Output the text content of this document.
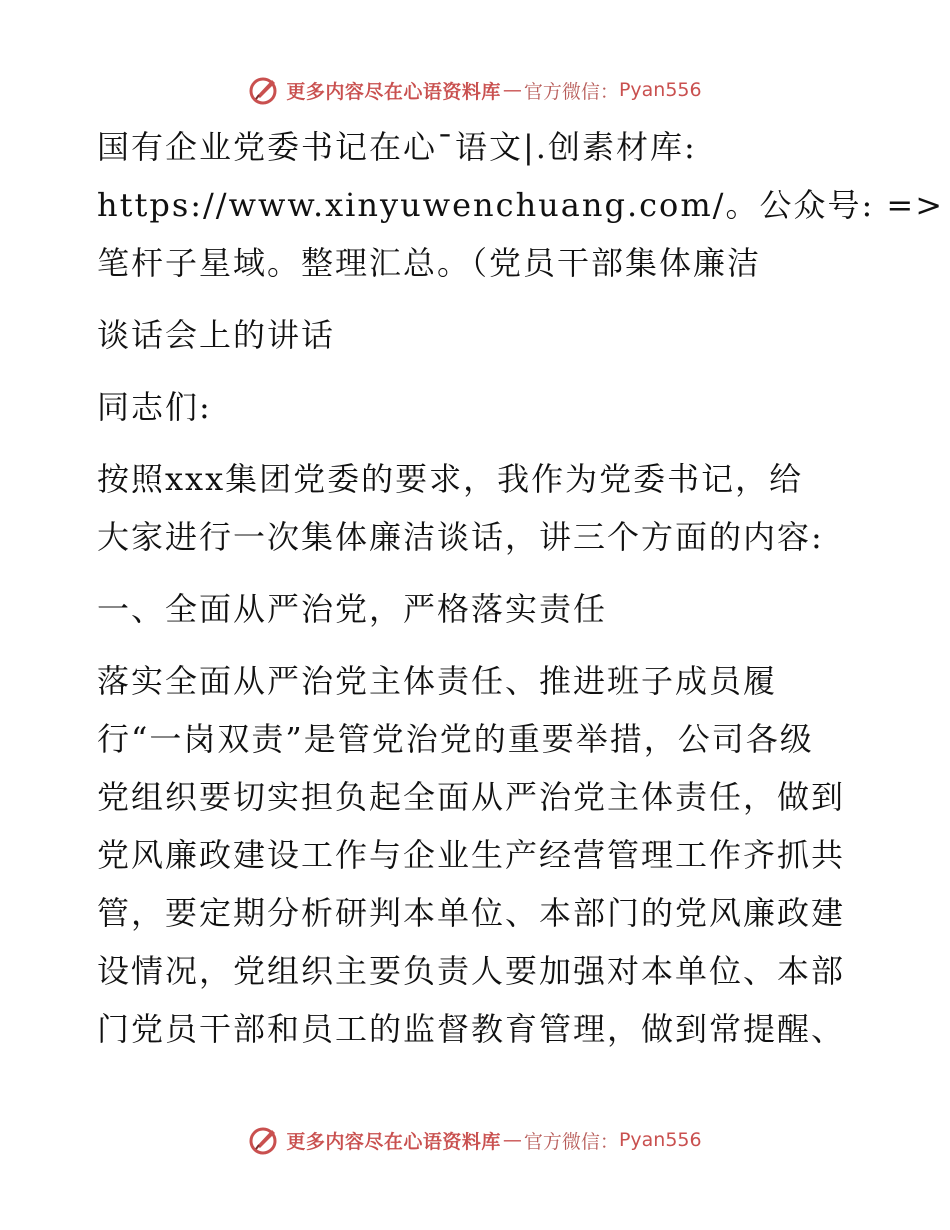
更多内容尽在心语资料库 — 官方微信： Pyan556
国有企业党委书记在心¯语文|.创素材库:
https://www.xinyuwenchuang.com/。公众号: =>
笔杆子星域。整理汇总。（党员干部集体廉洁
谈话会上的讲话
同志们:
按照xxx集团党委的要求，我作为党委书记，给
大家进行一次集体廉洁谈话，讲三个方面的内容:
一、全面从严治党，严格落实责任
落实全面从严治党主体责任、推进班子成员履
行“一岗双责”是管党治党的重要举措，公司各级
党组织要切实担负起全面从严治党主体责任，做到
党风廉政建设工作与企业生产经营管理工作齐抓共
管，要定期分析研判本单位、本部门的党风廉政建
设情况，党组织主要负责人要加强对本单位、本部
门党员干部和员工的监督教育管理，做到常提醒、
更多内容尽在心语资料库 — 官方微信： Pyan556
